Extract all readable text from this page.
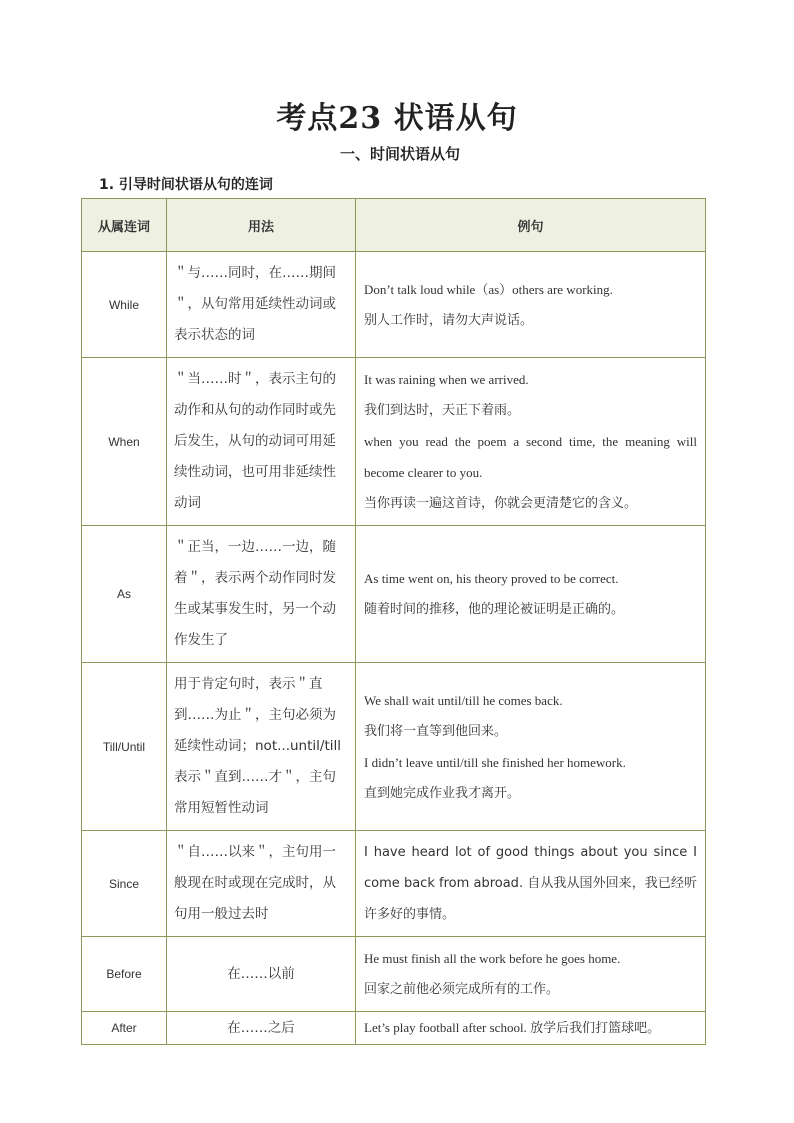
考点23 状语从句
一、时间状语从句
1. 引导时间状语从句的连词
从属连词	用法	例句
While	＂与……同时，在……期间＂，从句常用延续性动词或表示状态的词	Don’t talk loud while（as）others are working.
别人工作时，请勿大声说话。

When	＂当……时＂，表示主句的动作和从句的动作同时或先后发生，从句的动词可用延续性动词，也可用非延续性动词	It was raining when we arrived.
我们到达时，天正下着雨。
when you read the poem a second time, the meaning will become clearer to you.
当你再读一遍这首诗，你就会更清楚它的含义。

As	＂正当，一边……一边，随着＂，表示两个动作同时发生或某事发生时，另一个动作发生了	As time went on, his theory proved to be correct.
随着时间的推移，他的理论被证明是正确的。

Till/Until	用于肯定句时，表示＂直到……为止＂，主句必须为延续性动词；not...until/till 表示＂直到……才＂，主句常用短暂性动词	We shall wait until/till he comes back.
我们将一直等到他回来。
I didn’t leave until/till she finished her homework.
直到她完成作业我才离开。

Since	＂自……以来＂，主句用一般现在时或现在完成时，从句用一般过去时	I have heard lot of good things about you since I come back from abroad. 自从我从国外回来，我已经听许多好的事情。
Before	在……以前	He must finish all the work before he goes home.
回家之前他必须完成所有的工作。

After	在……之后	Let’s play football after school. 放学后我们打篮球吧。
